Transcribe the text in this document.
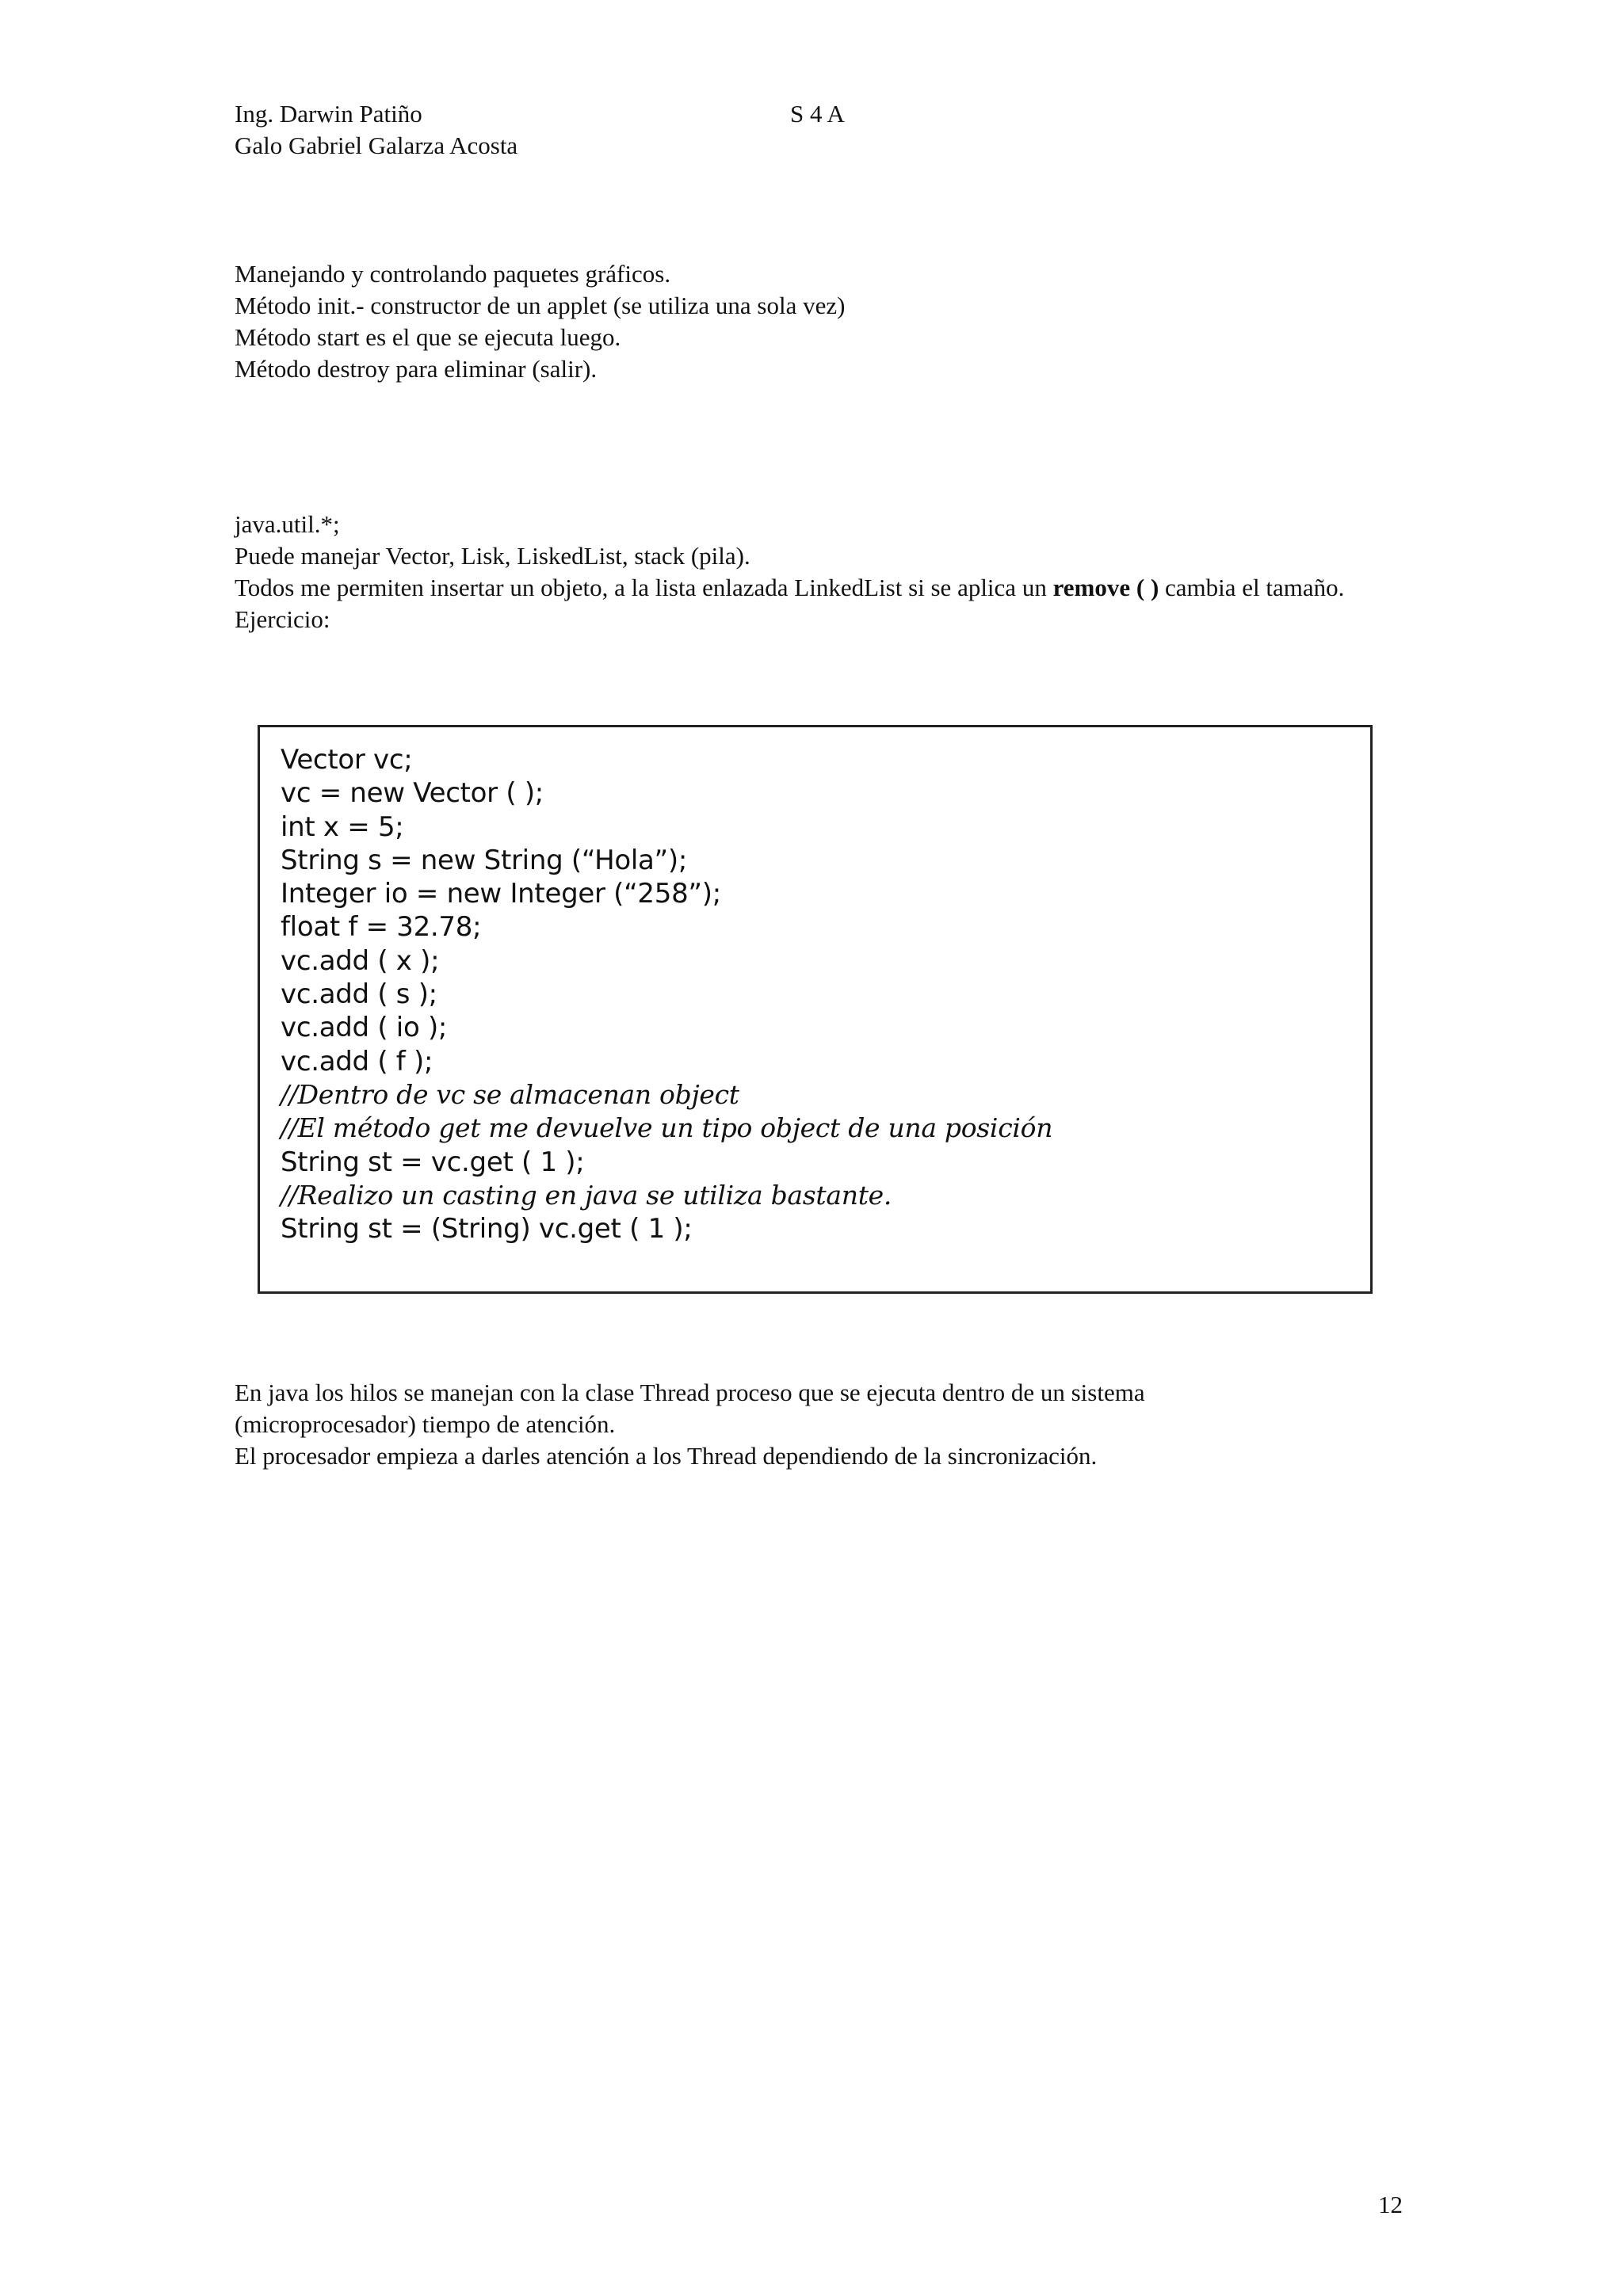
Ing. Darwin Patiño
Galo Gabriel Galarza Acosta
S 4 A
Manejando y controlando paquetes gráficos.
Método init.- constructor de un applet (se utiliza una sola vez)
Método start es el que se ejecuta luego.
Método destroy para eliminar (salir).
java.util.*;
Puede manejar Vector, Lisk, LiskedList, stack (pila).
Todos me permiten insertar un objeto, a la lista enlazada LinkedList si se aplica un remove ( ) cambia el tamaño.
Ejercicio:
Vector vc;
vc = new Vector ( );
int x = 5;
String s = new String (“Hola”);
Integer io = new Integer (“258”);
float f = 32.78;
vc.add ( x );
vc.add ( s );
vc.add ( io );
vc.add ( f );
//Dentro de vc se almacenan object
//El método get me devuelve un tipo object de una posición
String st = vc.get ( 1 );
//Realizo un casting en java se utiliza bastante.
String st = (String) vc.get ( 1 );
En java los hilos se manejan con la clase Thread proceso que se ejecuta dentro de un sistema
(microprocesador) tiempo de atención.
El procesador empieza a darles atención a los Thread dependiendo de la sincronización.
12
